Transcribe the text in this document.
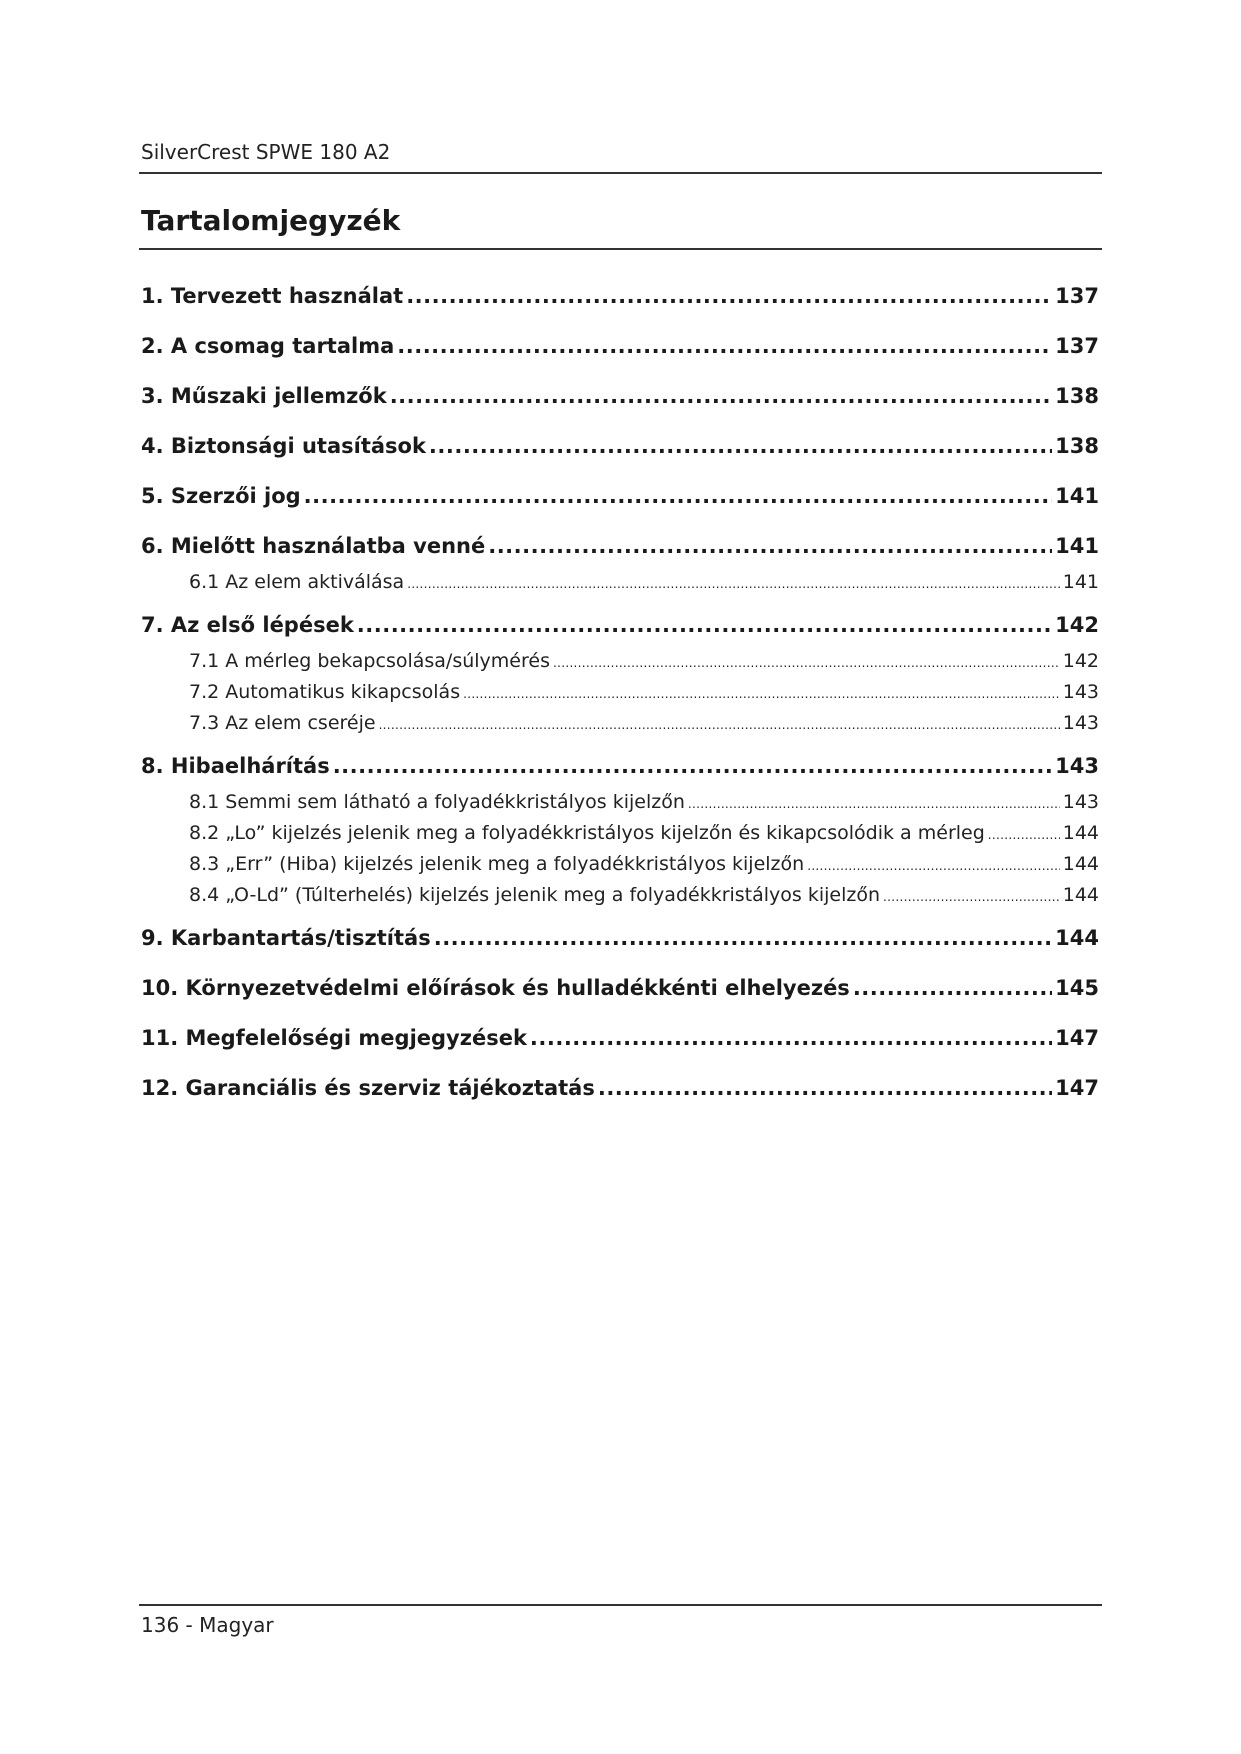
SilverCrest SPWE 180 A2
Tartalomjegyzék
1. Tervezett használat .....	137
2. A csomag tartalma .....	137
3. Műszaki jellemzők .....	138
4. Biztonsági utasítások .....	138
5. Szerzői jog .....	141
6. Mielőtt használatba venné .....	141
6.1 Az elem aktiválása .....	141
7. Az első lépések .....	142
7.1 A mérleg bekapcsolása/súlymérés .....	142
7.2 Automatikus kikapcsolás .....	143
7.3 Az elem cseréje .....	143
8. Hibaelhárítás .....	143
8.1 Semmi sem látható a folyadékkristályos kijelzőn .....	143
8.2 „Lo” kijelzés jelenik meg a folyadékkristályos kijelzőn és kikapcsolódik a mérleg .....	144
8.3 „Err” (Hiba) kijelzés jelenik meg a folyadékkristályos kijelzőn .....	144
8.4 „O-Ld” (Túlterhelés) kijelzés jelenik meg a folyadékkristályos kijelzőn .....	144
9. Karbantartás/tisztítás .....	144
10. Környezetvédelmi előírások és hulladékkénti elhelyezés .....	145
11. Megfelelőségi megjegyzések .....	147
12. Garanciális és szerviz tájékoztatás .....	147
136 - Magyar
